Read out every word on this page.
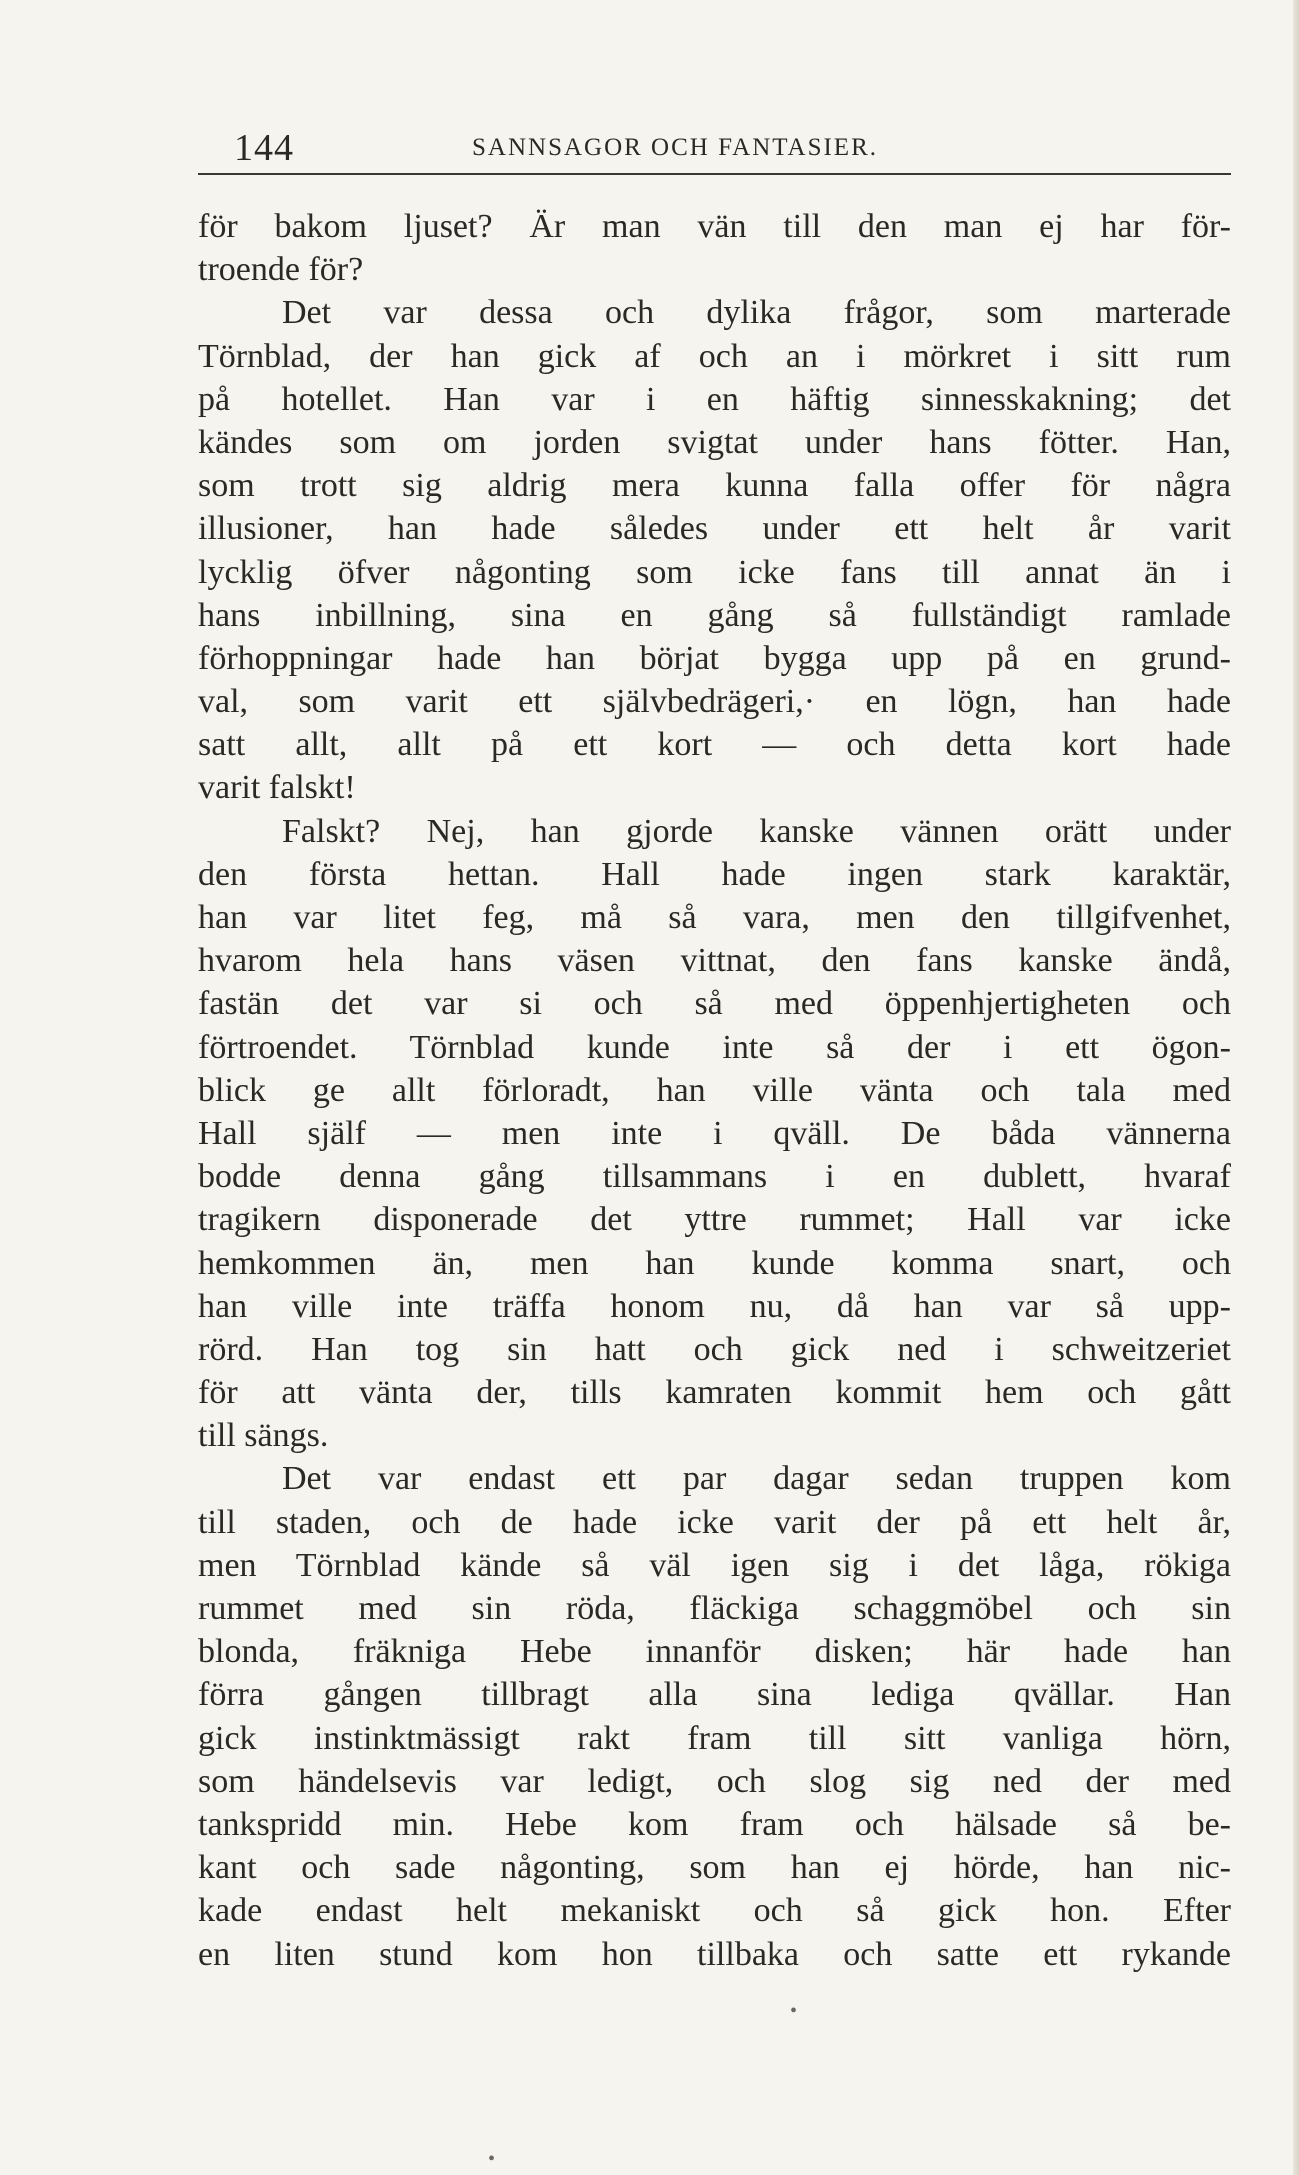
144	SANNSAGOR OCH FANTASIER.
för bakom ljuset? Är man vän till den man ej har för-
troende för?
Det var dessa och dylika frågor, som marterade
Törnblad, der han gick af och an i mörkret i sitt rum
på hotellet. Han var i en häftig sinnesskakning; det
kändes som om jorden svigtat under hans fötter. Han,
som trott sig aldrig mera kunna falla offer för några
illusioner, han hade således under ett helt år varit
lycklig öfver någonting som icke fans till annat än i
hans inbillning, sina en gång så fullständigt ramlade
förhoppningar hade han börjat bygga upp på en grund-
val, som varit ett självbedrägeri,· en lögn, han hade
satt allt, allt på ett kort — och detta kort hade
varit falskt!
Falskt? Nej, han gjorde kanske vännen orätt under
den första hettan. Hall hade ingen stark karaktär,
han var litet feg, må så vara, men den tillgifvenhet,
hvarom hela hans väsen vittnat, den fans kanske ändå,
fastän det var si och så med öppenhjertigheten och
förtroendet. Törnblad kunde inte så der i ett ögon-
blick ge allt förloradt, han ville vänta och tala med
Hall själf — men inte i qväll. De båda vännerna
bodde denna gång tillsammans i en dublett, hvaraf
tragikern disponerade det yttre rummet; Hall var icke
hemkommen än, men han kunde komma snart, och
han ville inte träffa honom nu, då han var så upp-
rörd. Han tog sin hatt och gick ned i schweitzeriet
för att vänta der, tills kamraten kommit hem och gått
till sängs.
Det var endast ett par dagar sedan truppen kom
till staden, och de hade icke varit der på ett helt år,
men Törnblad kände så väl igen sig i det låga, rökiga
rummet med sin röda, fläckiga schaggmöbel och sin
blonda, fräkniga Hebe innanför disken; här hade han
förra gången tillbragt alla sina lediga qvällar. Han
gick instinktmässigt rakt fram till sitt vanliga hörn,
som händelsevis var ledigt, och slog sig ned der med
tankspridd min. Hebe kom fram och hälsade så be-
kant och sade någonting, som han ej hörde, han nic-
kade endast helt mekaniskt och så gick hon. Efter
en liten stund kom hon tillbaka och satte ett rykande
•
•
